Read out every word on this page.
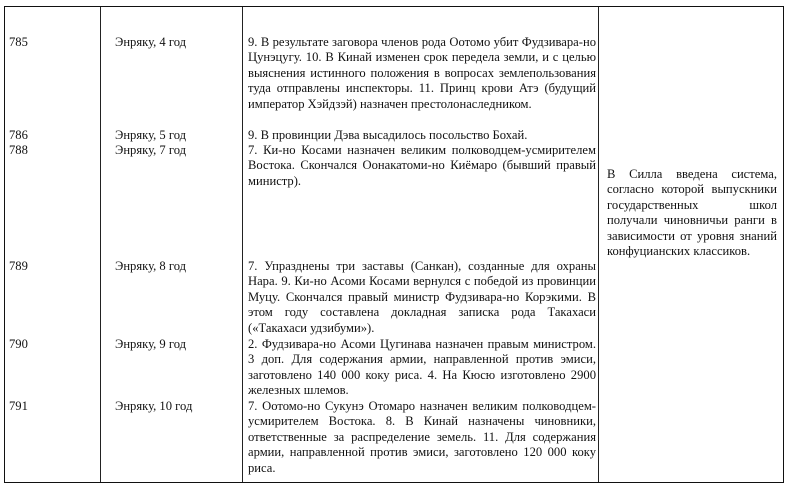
785	Энряку, 4 год	9. В результате заговора членов рода Оотомо убит Фудзивара-но Цунэцугу. 10. В Кинай изменен срок передела земли, и с целью выяснения истинного положения в вопросах землепользования туда отправлены инспекторы. 11. Принц крови Атэ (будущий император Хэйдзэй) назначен престолонаследником.
786	Энряку, 5 год	9. В провинции Дэва высадилось посольство Бохай.
788	Энряку, 7 год	7. Ки-но Косами назначен великим полководцем-усмирителем Востока. Скончался Оонакатоми-но Киёмаро (бывший правый министр).	В Силла введена система, согласно которой выпускники государственных школ получали чиновничьи ранги в зависимости от уровня знаний конфуцианских классиков.
789	Энряку, 8 год	7. Упразднены три заставы (Санкан), созданные для охраны Нара. 9. Ки-но Асоми Косами вернулся с победой из провинции Муцу. Скончался правый министр Фудзивара-но Корэкими. В этом году составлена докладная записка рода Такахаси («Такахаси удзибуми»).
790	Энряку, 9 год	2. Фудзивара-но Асоми Цугинава назначен правым министром. 3 доп. Для содержания армии, направленной против эмиси, заготовлено 140 000 коку риса. 4. На Кюсю изготовлено 2900 железных шлемов.
791	Энряку, 10 год	7. Оотомо-но Сукунэ Отомаро назначен великим полководцем-усмирителем Востока. 8. В Кинай назначены чиновники, ответственные за распределение земель. 11. Для содержания армии, направленной против эмиси, заготовлено 120 000 коку риса.
